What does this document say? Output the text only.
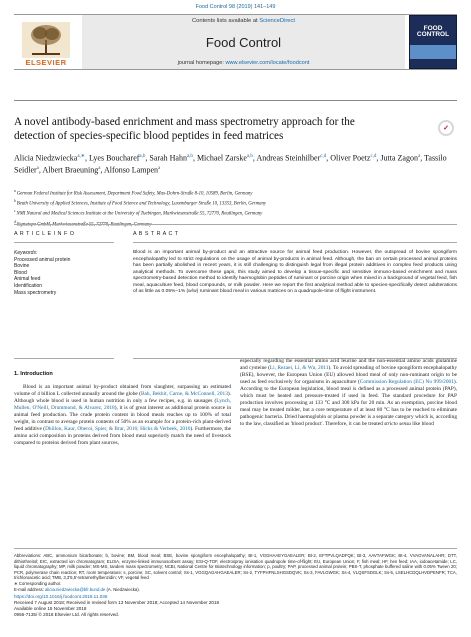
Food Control 98 (2019) 141–149
ELSEVIER
Contents lists available at ScienceDirect
Food Control
journal homepage: www.elsevier.com/locate/foodcont
FOOD
CONTROL
A novel antibody-based enrichment and mass spectrometry approach for the
detection of species-specific blood peptides in feed matrices
✓
Alicia Niedzwiecka$^{a,∗}$, Lyes Boucharef$^{a,b}$, Sarah Hahn$^{a,b}$, Michael Zarske$^{a,b}$, Andreas Steinhilber$^{c,d}$, Oliver Poetz$^{c,d}$, Jutta Zagon$^a$, Tassilo Seidler$^a$, Albert Braeuning$^a$, Alfonso Lampen$^a$
$^a$ German Federal Institute for Risk Assessment, Department Food Safety, Max-Dohrn-Straße 8-10, 10589, Berlin, Germany
$^b$ Beuth University of Applied Sciences, Institute of Food Science and Technology, Luxemburger Straße 10, 13353, Berlin, Germany
$^c$ NMI Natural and Medical Sciences Institute at the University of Tuebingen, Markwiesenstraße 55, 72770, Reutlingen, Germany
$^d$ Signatope GmbH, Markwiesenstraße 55, 72770, Reutlingen, Germany
A R T I C L E I N F O	A B S T R A C T
Keywords:
Processed animal protein
Bovine
Blood
Animal feed
Identification
Mass spectrometry
Blood is an important animal by-product and an attractive source for animal feed production. However, the outspread of bovine spongiform encephalopathy led to strict regulations on the usage of animal by-products in animal feed. Although, the ban on certain processed animal proteins has been partially abolished in recent years, it is still challenging to distinguish legal from illegal protein additives in complex feed products using analytical methods. To overcome these gaps, this study aimed to develop a tissue-specific and sensitive immuno-based enrichment and mass spectrometry-based detection method to identify haemoglobin peptides of ruminant or porcine origin when mixed in a background of vegetal feed, fish meal, aquaculture feed, blood compounds, or milk powder. Here we report the first analytical method able to species-specifically detect adulterations of as little as 0.05%–1% (w/w) ruminant blood meal in various matrices on a quadrupole-time of flight instrument.
1. Introduction

Blood is an important animal by-product obtained from slaughter, surpassing an estimated volume of 4 billion L collected annually around the globe (Bah, Bekhit, Carne, & McConnell, 2013). Although whole blood is used in human nutrition in only a few recipes, e.g. in sausages (Lynch, Mullen, O'Neill, Drummond, & Alvarez, 2018), it is of great interest as additional protein source in animal feed production. The crude protein content in blood meals reaches up to 100% of total weight, in contrast to average protein contents of 50% as an example for a protein-rich plant-derived feed additive (Dhillon, Kaur, Oberoi, Spier, & Brar, 2016; Hicks & Verbeek, 2016). Furthermore, the amino acid composition in proteins derived from blood meal superiorly match the need of livestock compared to proteins derived from plant sources,

especially regarding the essential amino acid leucine and the non-essential amino acids glutamine and cysteine (Li, Rezaei, Li, & Wu, 2011). To avoid spreading of bovine spongiform encephalopathy (BSE), however, the European Union (EU) allowed blood meal of only non-ruminant origin to be used as feed exclusively for organisms in aquaculture (Commission Regulation (EC) No 999/2001). According to the European legislation, blood meal is defined as a processed animal protein (PAP), which must be heated and pressure-treated if used in feed. The standard procedure for PAP production involves processing at 133 °C and 300 kPa for 20 min. As an exemption, porcine blood meal may be treated milder, but a core temperature of at least 80 °C has to be reached to eliminate pathogenic bacteria. Dried haemoglobin or plasma powder is a separate category which is, according to the law, classified as 'blood product'. Therefore, it can be treated stricto sensu like blood
Abbreviations: ABC, ammonium bicarbonate; b, bovine; BM, blood meal; BSE, bovine spongiform encephalopathy; Bt-1, VGGHAAEYGAEALER; Bt-2, EFTPVLQADFQK; Bt-3, AAVTAFWGK; Bt-4, VVAGVANALAHR; DTT, dithiothreitol; EIC, extracted ion chromatogram; ELISA, enzyme-linked immunosorbent assay; ESI-Q-TOF, electrospray ionisation quadrupole time-of-flight; EU, European Union; F, fish meal; HF, hen feed; IAA, iodoacetamide; LC, liquid chromatography; MP, milk powder; MS-MS, tandem mass spectrometry; NCBI, National Centre for Biotechnology information; p, poultry; PAP, processed animal protein; PBS-T, phosphate buffered saline with 0.05% Tween 20; PCR, polymerase chain reaction; RT, room temperature; s, porcine; SC, solvent control; Ss-1, VGGQAGAHGAEALER; Ss-2, TYFPHFNLSHGSDQVK; Ss-3, FAVLGWGK; Ss-4, VLQSFSDGLK; Ss-5, LSELHCDQLHVDPENFR; TCA, trichloroacetic acid; TMB, 3,3′5,5′-tetramethylbenzidin; VF, vegetal feed
∗ Corresponding author.
E-mail address: alicia.niedzwiecka@bfr.bund.de (A. Niedzwiecka).
https://doi.org/10.1016/j.foodcont.2018.11.036
Received 7 August 2018; Received in revised form 13 November 2018; Accepted 14 November 2018
Available online 15 November 2018
0956-7135/ © 2018 Elsevier Ltd. All rights reserved.
